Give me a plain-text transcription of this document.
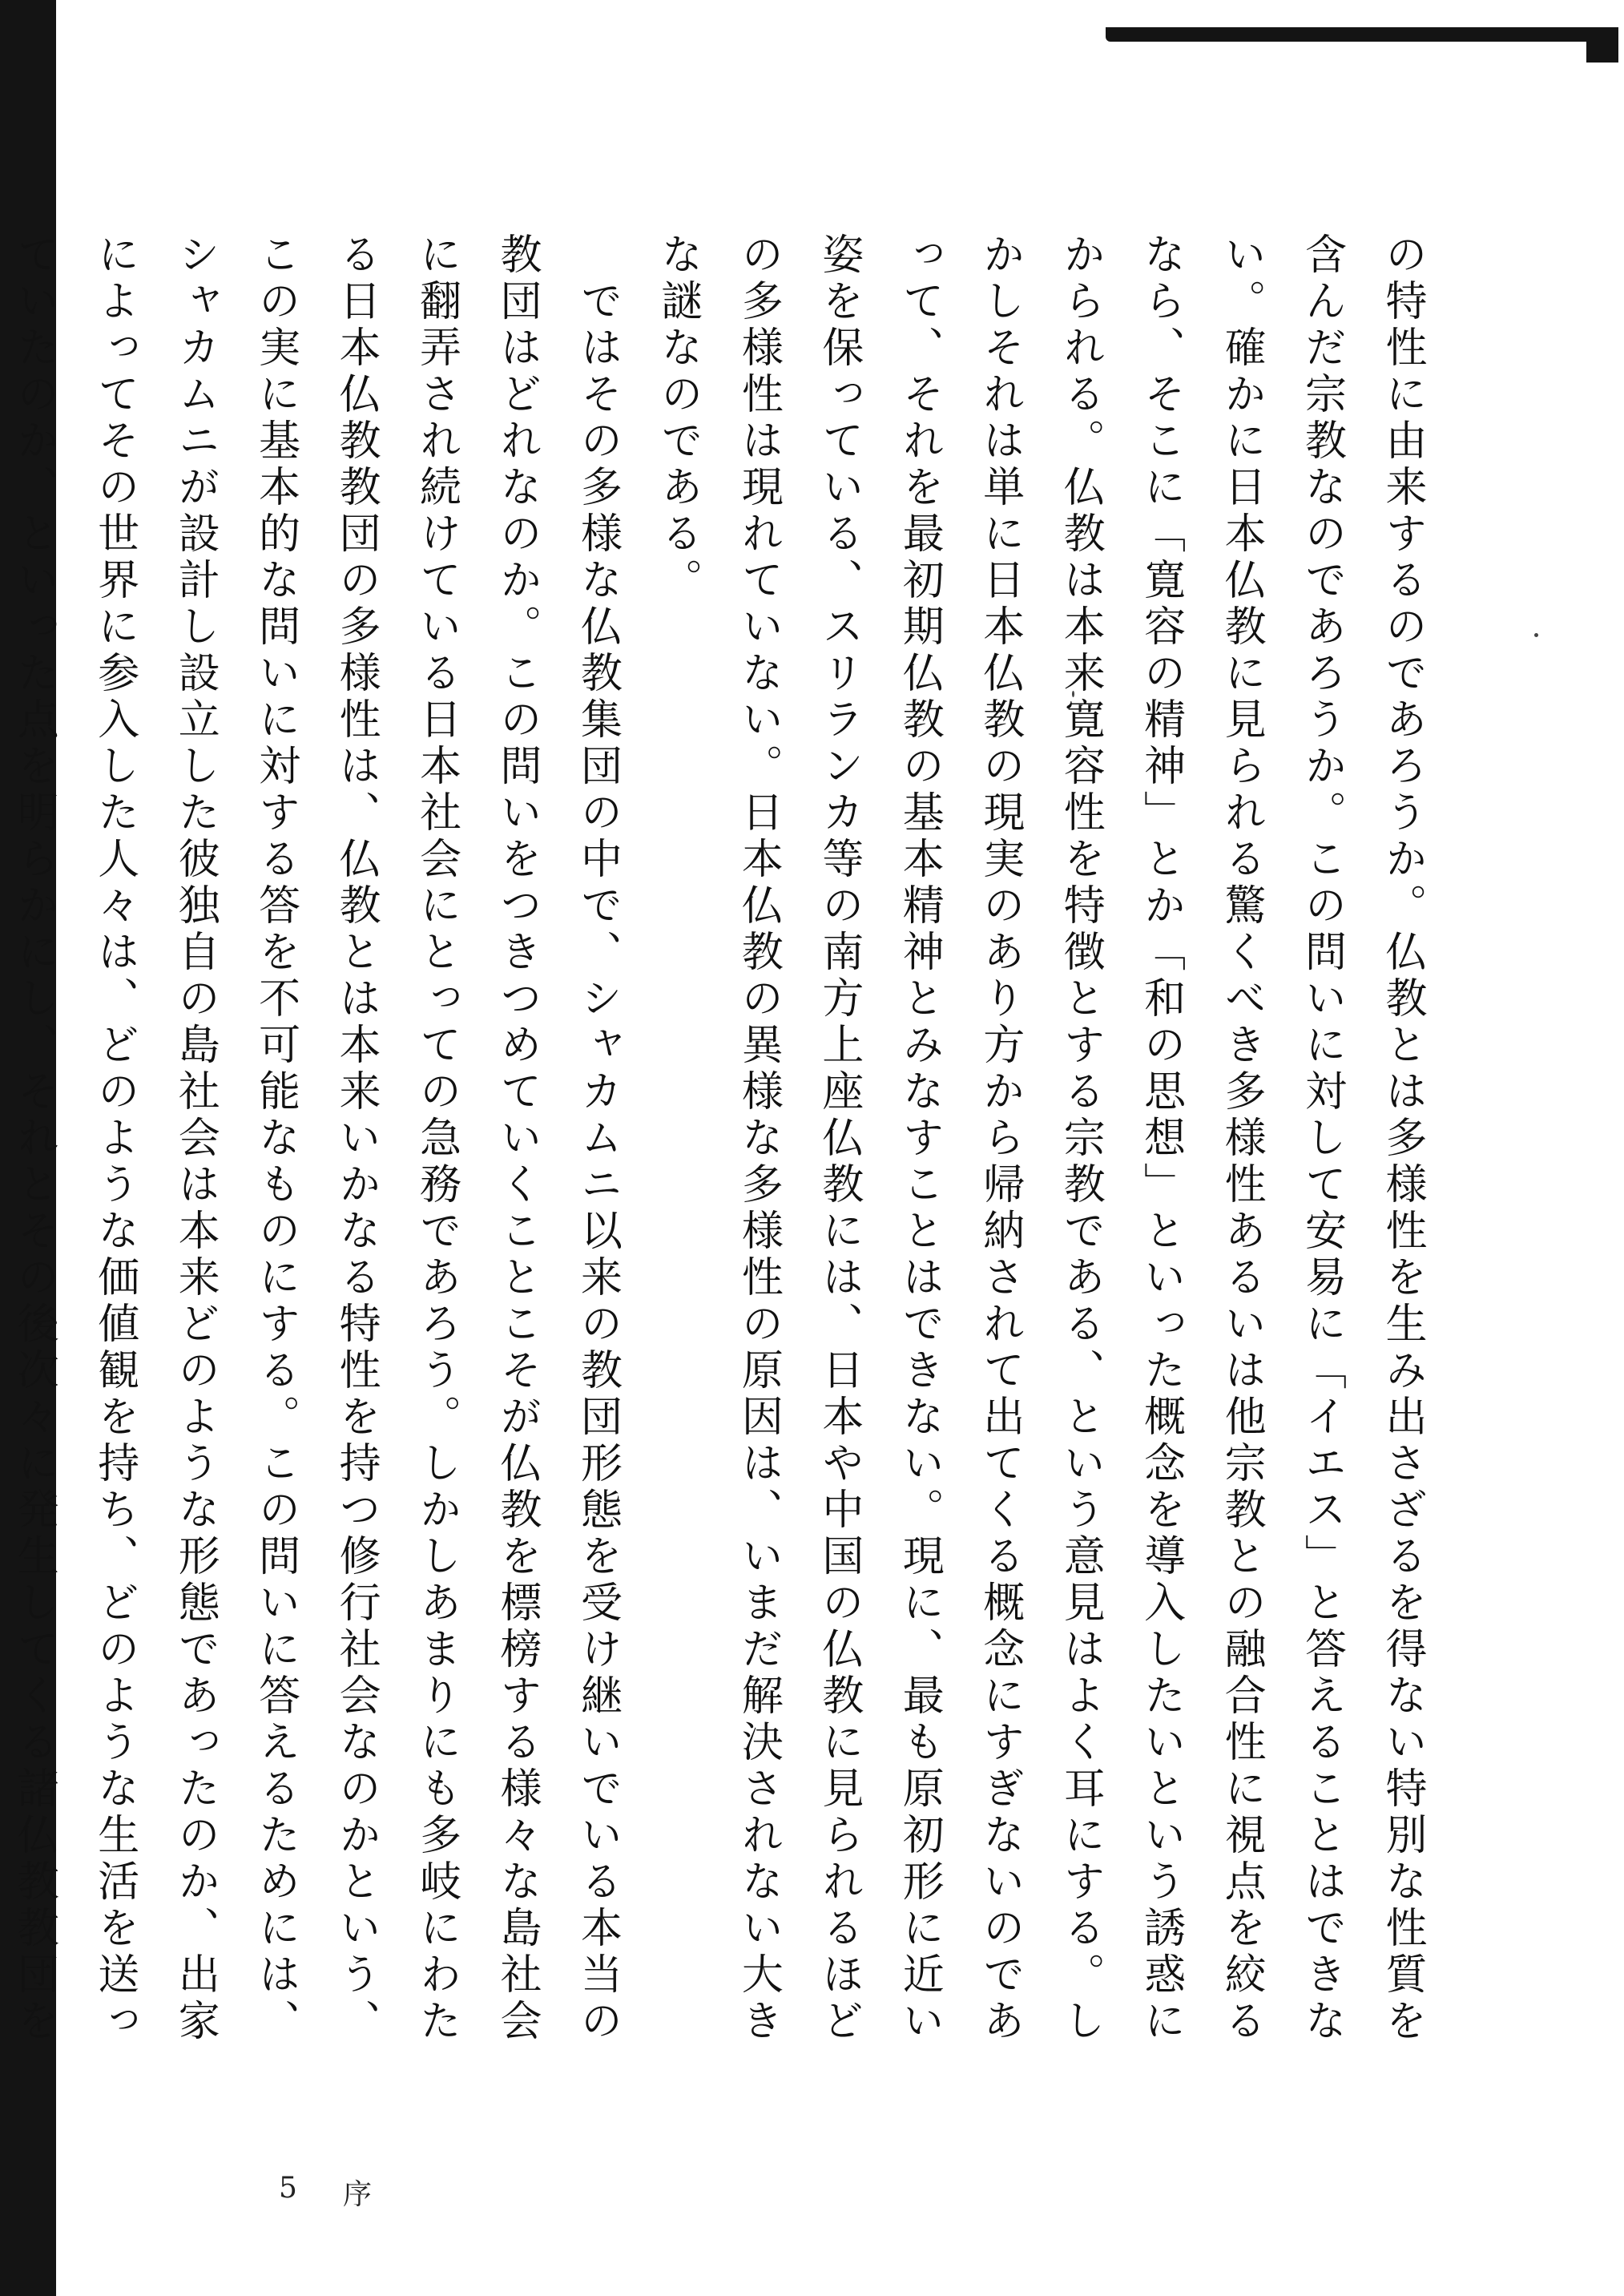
の特性に由来するのであろうか。仏教とは多様性を生み出さざるを得ない特別な性質を含んだ宗教なのであろうか。この問いに対して安易に「イエス」と答えることはできない。確かに日本仏教に見られる驚くべき多様性あるいは他宗教との融合性に視点を絞るなら、そこに「寛容の精神」とか「和の思想」といった概念を導入したいという誘惑にかられる。仏教は本来寛容性を特徴とする宗教である、という意見はよく耳にする。しかしそれは単に日本仏教の現実のあり方から帰納されて出てくる概念にすぎないのであって、それを最初期仏教の基本精神とみなすことはできない。現に、最も原初形に近い姿を保っている、スリランカ等の南方上座仏教には、日本や中国の仏教に見られるほどの多様性は現れていない。日本仏教の異様な多様性の原因は、いまだ解決されない大きな謎なのである。

　ではその多様な仏教集団の中で、シャカムニ以来の教団形態を受け継いでいる本当の教団はどれなのか。この問いをつきつめていくことこそが仏教を標榜する様々な島社会に翻弄され続けている日本社会にとっての急務であろう。しかしあまりにも多岐にわたる日本仏教教団の多様性は、仏教とは本来いかなる特性を持つ修行社会なのかという、この実に基本的な問いに対する答を不可能なものにする。この問いに答えるためには、シャカムニが設計し設立した彼独自の島社会は本来どのような形態であったのか、出家によってその世界に参入した人々は、どのような価値観を持ち、どのような生活を送っていたのか、といった点を明らかにし、それとその後次々に発生してくる諸仏教教団を

5 序
